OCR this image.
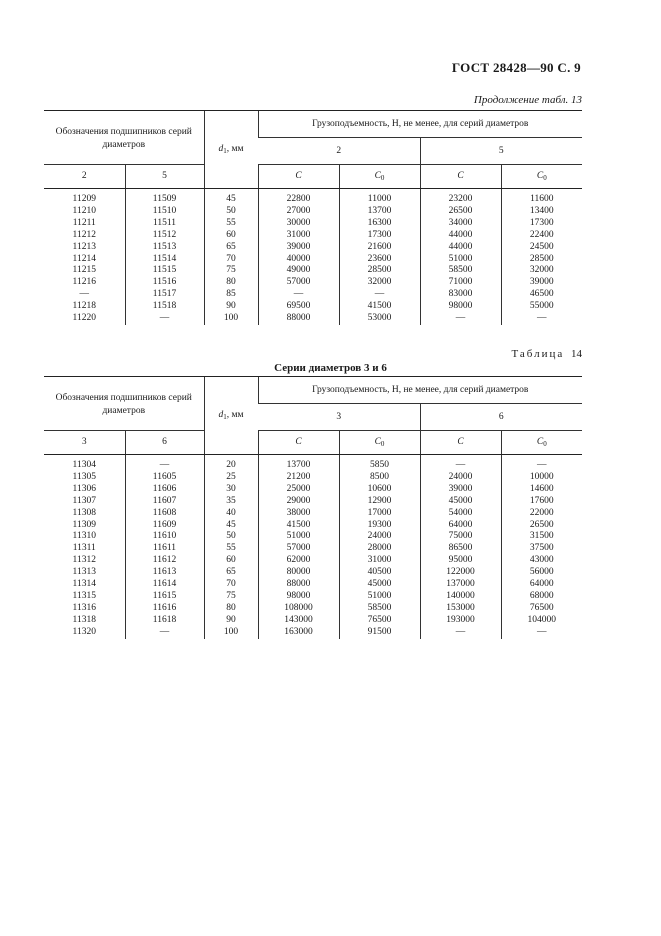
ГОСТ 28428—90 С. 9
Продолжение табл. 13
Обозначения подшипников серий диаметров		$d_1$, мм	Грузоподъемность, Н, не менее, для серий диаметров			
			2		5	
2	5		C	$C_0$	C	$C_0$
11209	11509	45	22800	11000	23200	11600
11210	11510	50	27000	13700	26500	13400
11211	11511	55	30000	16300	34000	17300
11212	11512	60	31000	17300	44000	22400
11213	11513	65	39000	21600	44000	24500
11214	11514	70	40000	23600	51000	28500
11215	11515	75	49000	28500	58500	32000
11216	11516	80	57000	32000	71000	39000
—	11517	85	—	—	83000	46500
11218	11518	90	69500	41500	98000	55000
11220	—	100	88000	53000	—	—
Таблица 14
Серии диаметров 3 и 6
Обозначения подшипников серий диаметров		$d_1$, мм	Грузоподъемность, Н, не менее, для серий диаметров			
			3		6	
3	6		C	$C_0$	C	$C_0$
11304	—	20	13700	5850	—	—
11305	11605	25	21200	8500	24000	10000
11306	11606	30	25000	10600	39000	14600
11307	11607	35	29000	12900	45000	17600
11308	11608	40	38000	17000	54000	22000
11309	11609	45	41500	19300	64000	26500
11310	11610	50	51000	24000	75000	31500
11311	11611	55	57000	28000	86500	37500
11312	11612	60	62000	31000	95000	43000
11313	11613	65	80000	40500	122000	56000
11314	11614	70	88000	45000	137000	64000
11315	11615	75	98000	51000	140000	68000
11316	11616	80	108000	58500	153000	76500
11318	11618	90	143000	76500	193000	104000
11320	—	100	163000	91500	—	—
